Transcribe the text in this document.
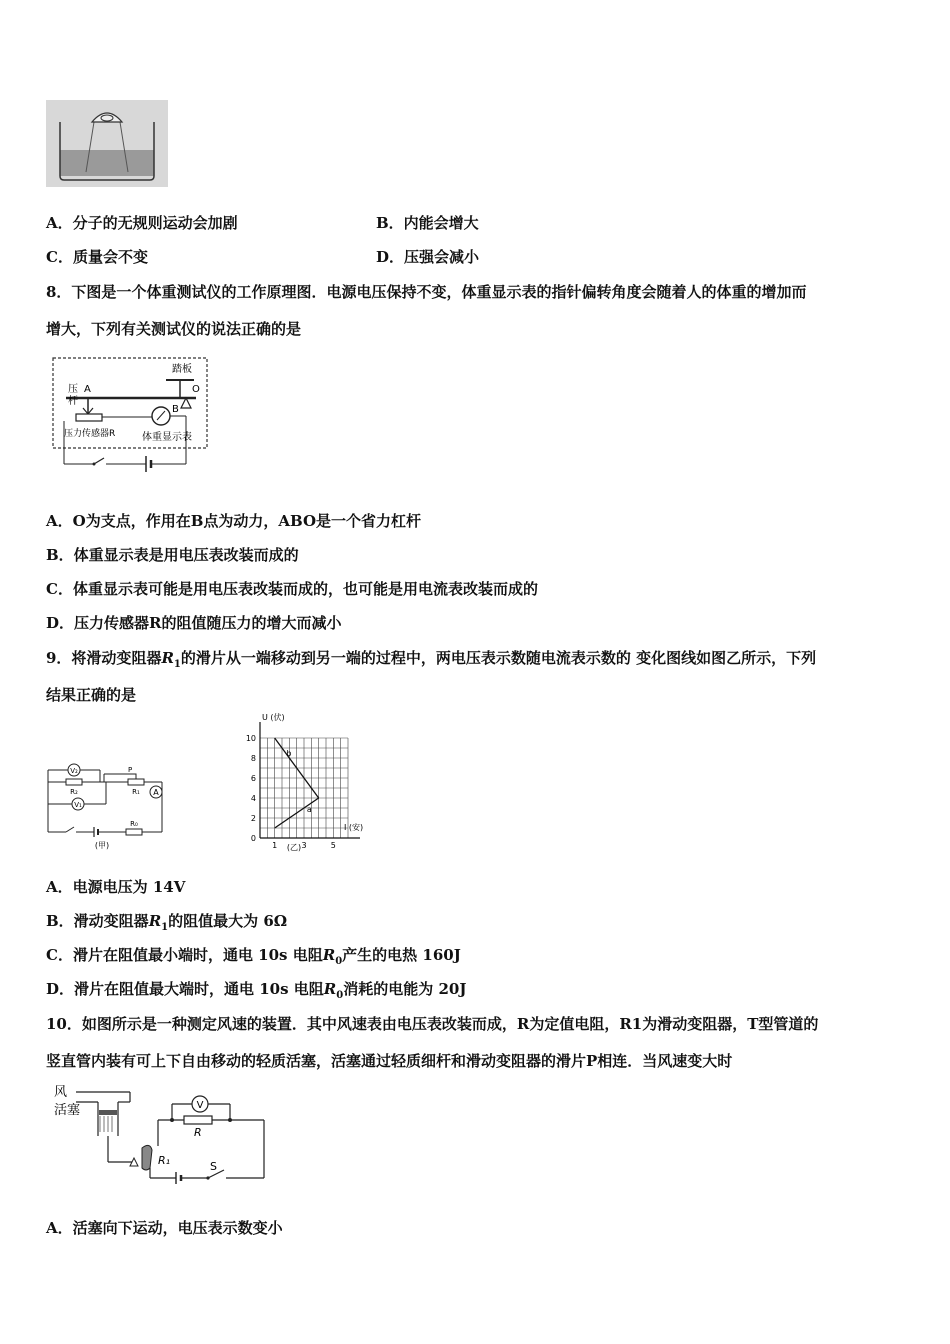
A．分子的无规则运动会加剧	B．内能会增大
C．质量会不变	D．压强会减小
8．下图是一个体重测试仪的工作原理图．电源电压保持不变，体重显示表的指针偏转角度会随着人的体重的增加而
增大，下列有关测试仪的说法正确的是
踏板
O
B
A
压
杆
压力传感器R	体重显示表
A．O为支点，作用在B点为动力，ABO是一个省力杠杆
B．体重显示表是用电压表改装而成的
C．体重显示表可能是用电压表改装而成的，也可能是用电流表改装而成的
D．压力传感器R的阻值随压力的增大而减小
9．将滑动变阻器$R_1$的滑片从一端移动到另一端的过程中，两电压表示数随电流表示数的 变化图线如图乙所示，下列
结果正确的是
V₂
R₂	R₁
P
A
V₁
R₀
(甲)
10
8
6
4
2
0
1	3	5
U (伏)
I (安)
(乙)
b
a
A．电源电压为 14V
B．滑动变阻器$R_1$的阻值最大为 6Ω
C．滑片在阻值最小端时，通电 10s 电阻$R_0$产生的电热 160J
D．滑片在阻值最大端时，通电 10s 电阻$R_0$消耗的电能为 20J
10．如图所示是一种测定风速的装置．其中风速表由电压表改装而成，R为定值电阻，R1为滑动变阻器，T型管道的
竖直管内装有可上下自由移动的轻质活塞，活塞通过轻质细杆和滑动变阻器的滑片P相连．当风速变大时
风
活塞
R₁
R
V
S
A．活塞向下运动，电压表示数变小
